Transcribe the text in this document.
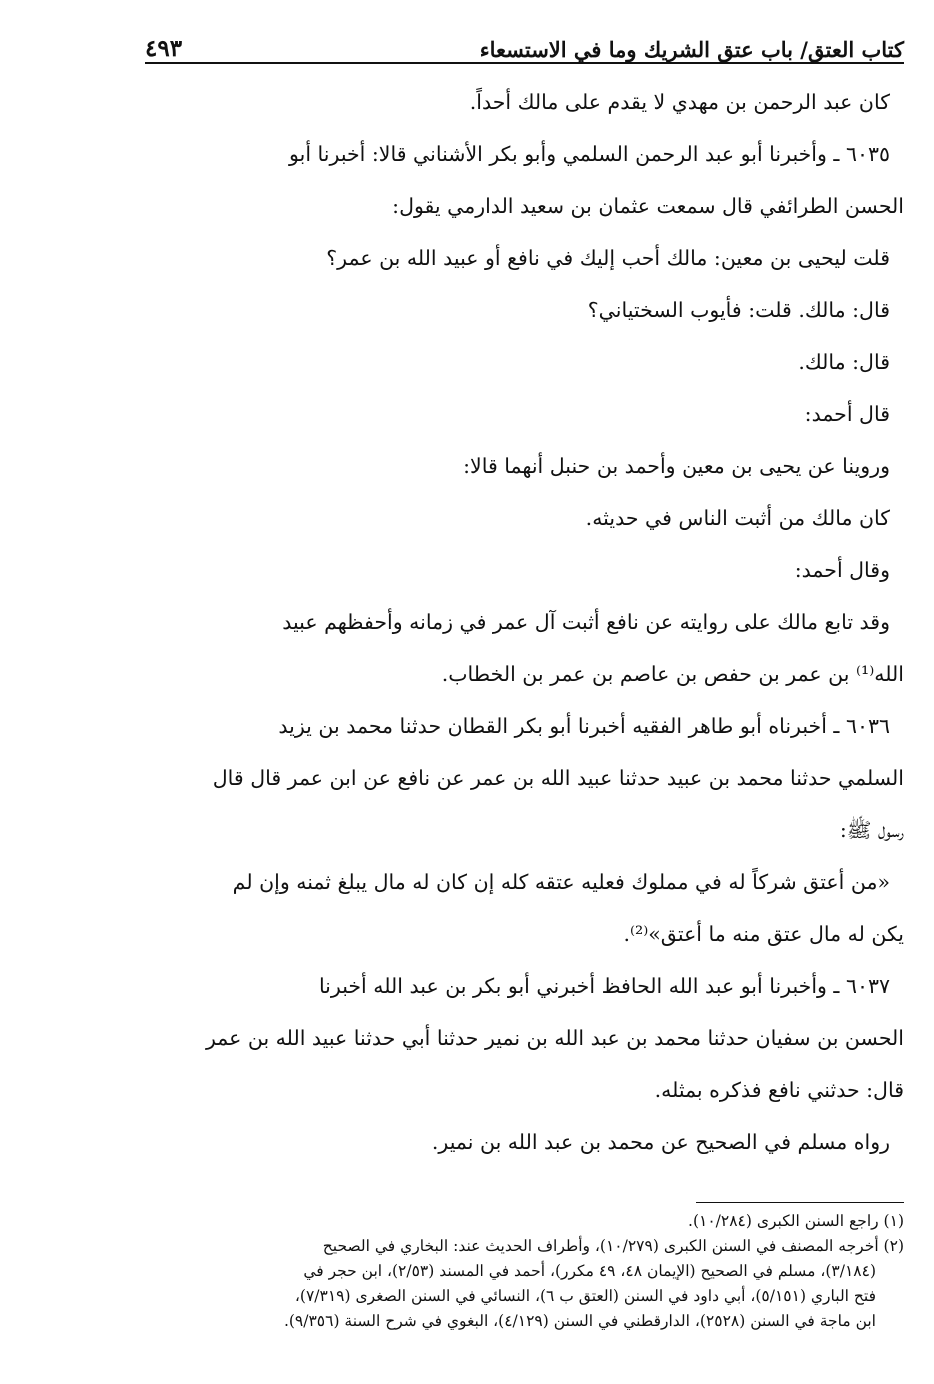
كتاب العتق/ باب عتق الشريك وما في الاستسعاء
٤٩٣

كان عبد الرحمن بن مهدي لا يقدم على مالك أحداً.

٦٠٣٥ ـ وأخبرنا أبو عبد الرحمن السلمي وأبو بكر الأشناني قالا: أخبرنا أبو

الحسن الطرائفي قال سمعت عثمان بن سعيد الدارمي يقول:

قلت ليحيى بن معين: مالك أحب إليك في نافع أو عبيد الله بن عمر؟

قال: مالك. قلت: فأيوب السختياني؟

قال: مالك.

قال أحمد:

وروينا عن يحيى بن معين وأحمد بن حنبل أنهما قالا:

كان مالك من أثبت الناس في حديثه.

وقال أحمد:

وقد تابع مالك على روايته عن نافع أثبت آل عمر في زمانه وأحفظهم عبيد

الله⁽¹⁾ بن عمر بن حفص بن عاصم بن عمر بن الخطاب.

٦٠٣٦ ـ أخبرناه أبو طاهر الفقيه أخبرنا أبو بكر القطان حدثنا محمد بن يزيد

السلمي حدثنا محمد بن عبيد حدثنا عبيد الله بن عمر عن نافع عن ابن عمر قال قال

رسول ﷺ:

«من أعتق شركاً له في مملوك فعليه عتقه كله إن كان له مال يبلغ ثمنه وإن لم

يكن له مال عتق منه ما أعتق»⁽²⁾.

٦٠٣٧ ـ وأخبرنا أبو عبد الله الحافظ أخبرني أبو بكر بن عبد الله أخبرنا

الحسن بن سفيان حدثنا محمد بن عبد الله بن نمير حدثنا أبي حدثنا عبيد الله بن عمر

قال: حدثني نافع فذكره بمثله.

رواه مسلم في الصحيح عن محمد بن عبد الله بن نمير.

(١) راجع السنن الكبرى (١٠/٢٨٤).

(٢) أخرجه المصنف في السنن الكبرى (١٠/٢٧٩)، وأطراف الحديث عند: البخاري في الصحيح

(٣/١٨٤)، مسلم في الصحيح (الإيمان ٤٨، ٤٩ مكرر)، أحمد في المسند (٢/٥٣)، ابن حجر في

فتح الباري (٥/١٥١)، أبي داود في السنن (العتق ب ٦)، النسائي في السنن الصغرى (٧/٣١٩)،

ابن ماجة في السنن (٢٥٢٨)، الدارقطني في السنن (٤/١٢٩)، البغوي في شرح السنة (٩/٣٥٦).
